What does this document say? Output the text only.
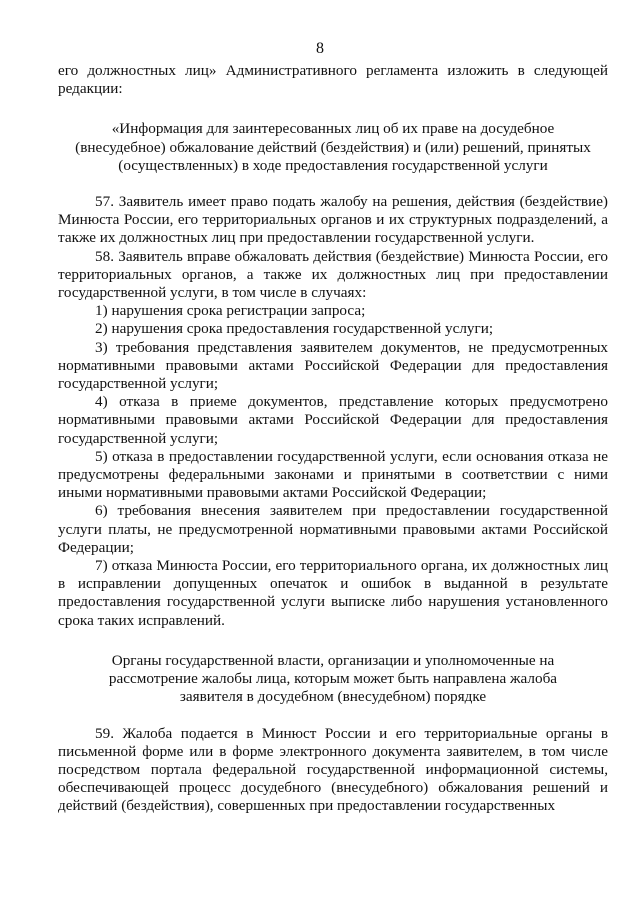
8

его должностных лиц» Административного регламента изложить в следующей редакции:

«Информация для заинтересованных лиц об их праве на досудебное (внесудебное) обжалование действий (бездействия) и (или) решений, принятых (осуществленных) в ходе предоставления государственной услуги

57. Заявитель имеет право подать жалобу на решения, действия (бездействие) Минюста России, его территориальных органов и их структурных подразделений, а также их должностных лиц при предоставлении государственной услуги.

58. Заявитель вправе обжаловать действия (бездействие) Минюста России, его территориальных органов, а также их должностных лиц при предоставлении государственной услуги, в том числе в случаях:

1) нарушения срока регистрации запроса;

2) нарушения срока предоставления государственной услуги;

3) требования представления заявителем документов, не предусмотренных нормативными правовыми актами Российской Федерации для предоставления государственной услуги;

4) отказа в приеме документов, представление которых предусмотрено нормативными правовыми актами Российской Федерации для предоставления государственной услуги;

5) отказа в предоставлении государственной услуги, если основания отказа не предусмотрены федеральными законами и принятыми в соответствии с ними иными нормативными правовыми актами Российской Федерации;

6) требования внесения заявителем при предоставлении государственной услуги платы, не предусмотренной нормативными правовыми актами Российской Федерации;

7) отказа Минюста России, его территориального органа, их должностных лиц в исправлении допущенных опечаток и ошибок в выданной в результате предоставления государственной услуги выписке либо нарушения установленного срока таких исправлений.

Органы государственной власти, организации и уполномоченные на рассмотрение жалобы лица, которым может быть направлена жалоба заявителя в досудебном (внесудебном) порядке

59. Жалоба подается в Минюст России и его территориальные органы в письменной форме или в форме электронного документа заявителем, в том числе посредством портала федеральной государственной информационной системы, обеспечивающей процесс досудебного (внесудебного) обжалования решений и действий (бездействия), совершенных при предоставлении государственных
